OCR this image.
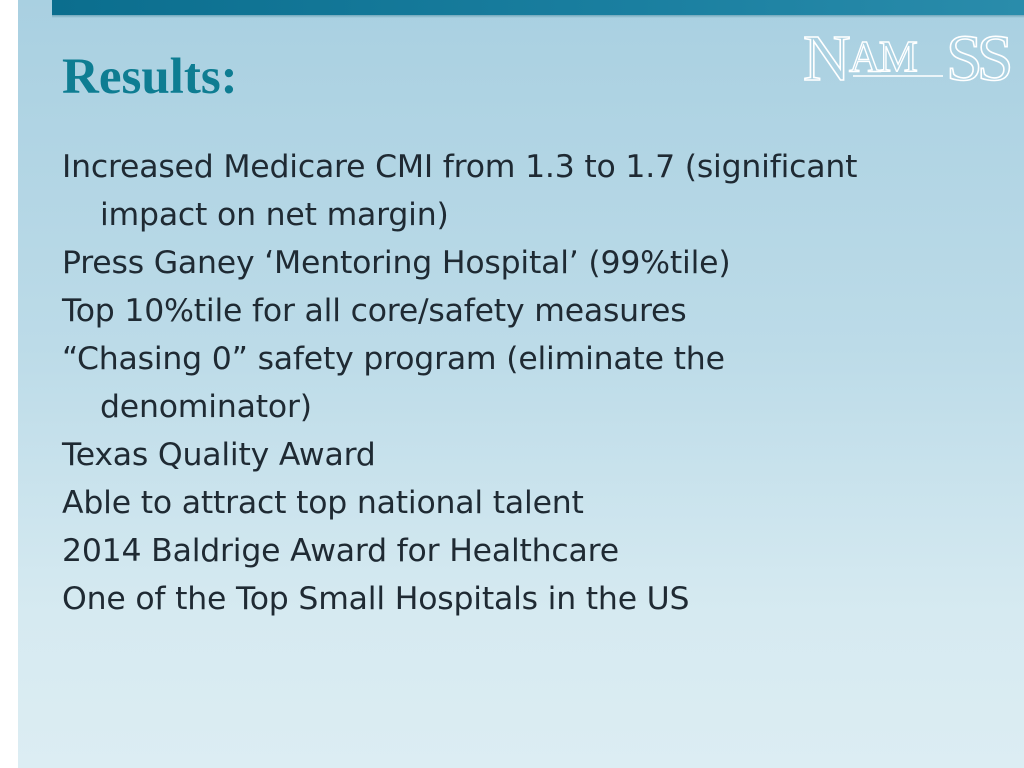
Results:	N AM SS
Increased Medicare CMI from 1.3 to 1.7 (significant impact on net margin)
Press Ganey ‘Mentoring Hospital’ (99%tile)
Top 10%tile for all core/safety measures
“Chasing 0” safety program (eliminate the denominator)
Texas Quality Award
Able to attract top national talent
2014 Baldrige Award for Healthcare
One of the Top Small Hospitals in the US
